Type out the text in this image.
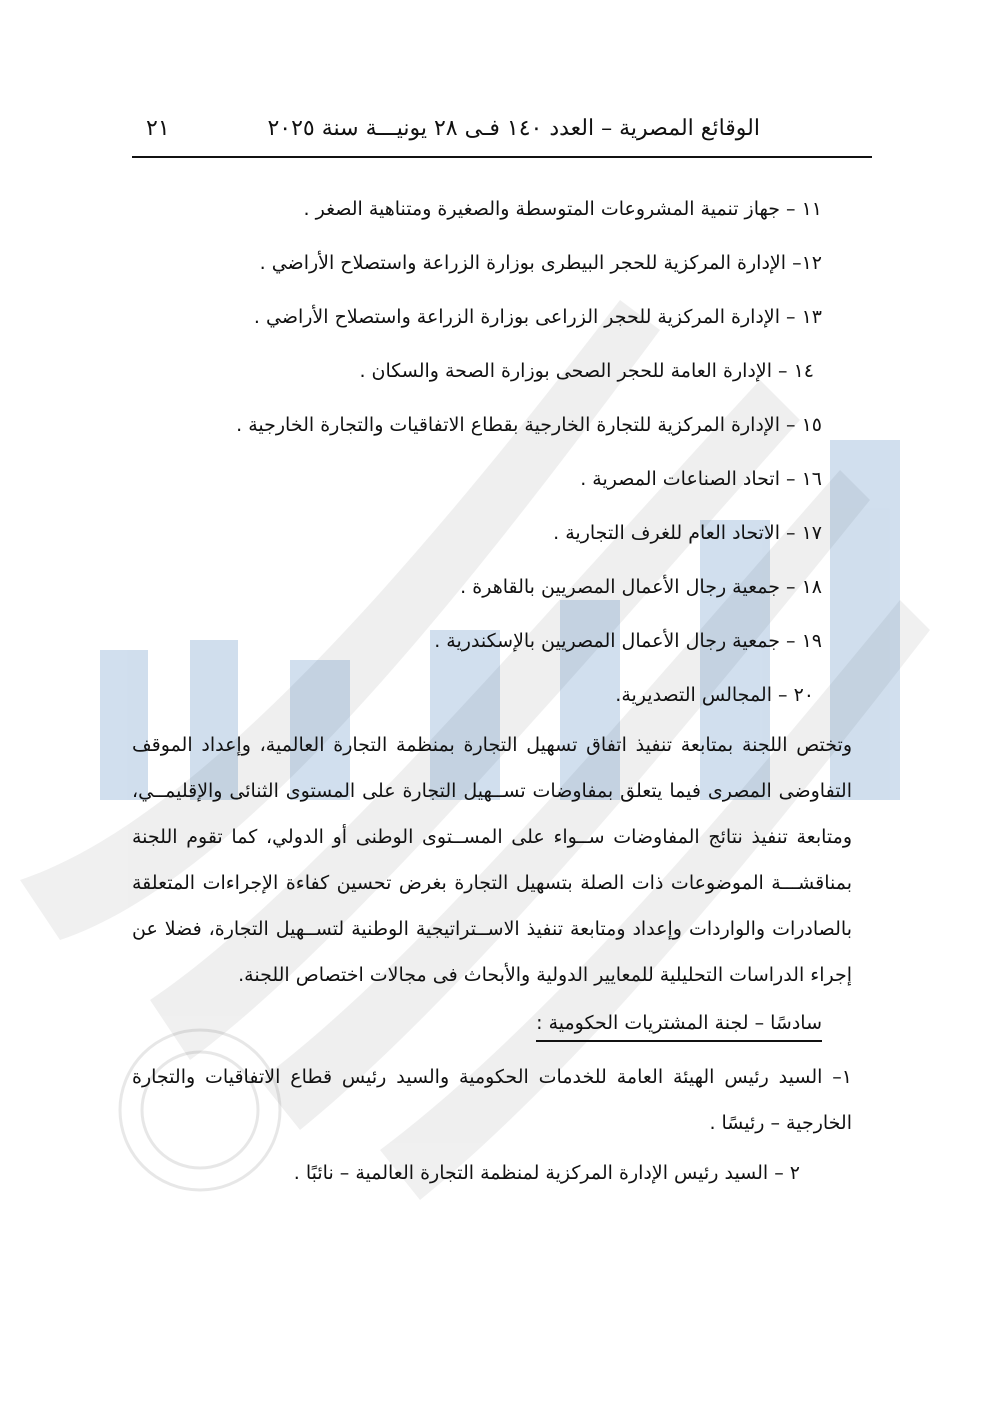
الوقائع المصرية – العدد ١٤٠ فـى ٢٨ يونيـــة سنة ٢٠٢٥
٢١
١١ – جهاز تنمية المشروعات المتوسطة والصغيرة ومتناهية الصغر .
١٢– الإدارة المركزية للحجر البيطرى بوزارة الزراعة واستصلاح الأراضي .
١٣ – الإدارة المركزية للحجر الزراعى بوزارة الزراعة واستصلاح الأراضي .
١٤ – الإدارة العامة للحجر الصحى بوزارة الصحة والسكان .
١٥ – الإدارة المركزية للتجارة الخارجية بقطاع الاتفاقيات والتجارة الخارجية .
١٦ – اتحاد الصناعات المصرية .
١٧ – الاتحاد العام للغرف التجارية .
١٨ – جمعية رجال الأعمال المصريين بالقاهرة .
١٩ – جمعية رجال الأعمال المصريين بالإسكندرية .
٢٠ – المجالس التصديرية.

وتختص اللجنة بمتابعة تنفيذ اتفاق تسهيل التجارة بمنظمة التجارة العالمية، وإعداد الموقف التفاوضى المصرى فيما يتعلق بمفاوضات تســهيل التجارة على المستوى الثنائى والإقليمــي، ومتابعة تنفيذ نتائج المفاوضات ســواء على المســتوى الوطنى أو الدولي، كما تقوم اللجنة بمناقشـــة الموضوعات ذات الصلة بتسهيل التجارة بغرض تحسين كفاءة الإجراءات المتعلقة بالصادرات والواردات وإعداد ومتابعة تنفيذ الاســتراتيجية الوطنية لتســهيل التجارة، فضلا عن إجراء الدراسات التحليلية للمعايير الدولية والأبحاث فى مجالات اختصاص اللجنة.

سادسًا – لجنة المشتريات الحكومية :

١– السيد رئيس الهيئة العامة للخدمات الحكومية والسيد رئيس قطاع الاتفاقيات والتجارة الخارجية – رئيسًا .

٢ – السيد رئيس الإدارة المركزية لمنظمة التجارة العالمية – نائبًا .
